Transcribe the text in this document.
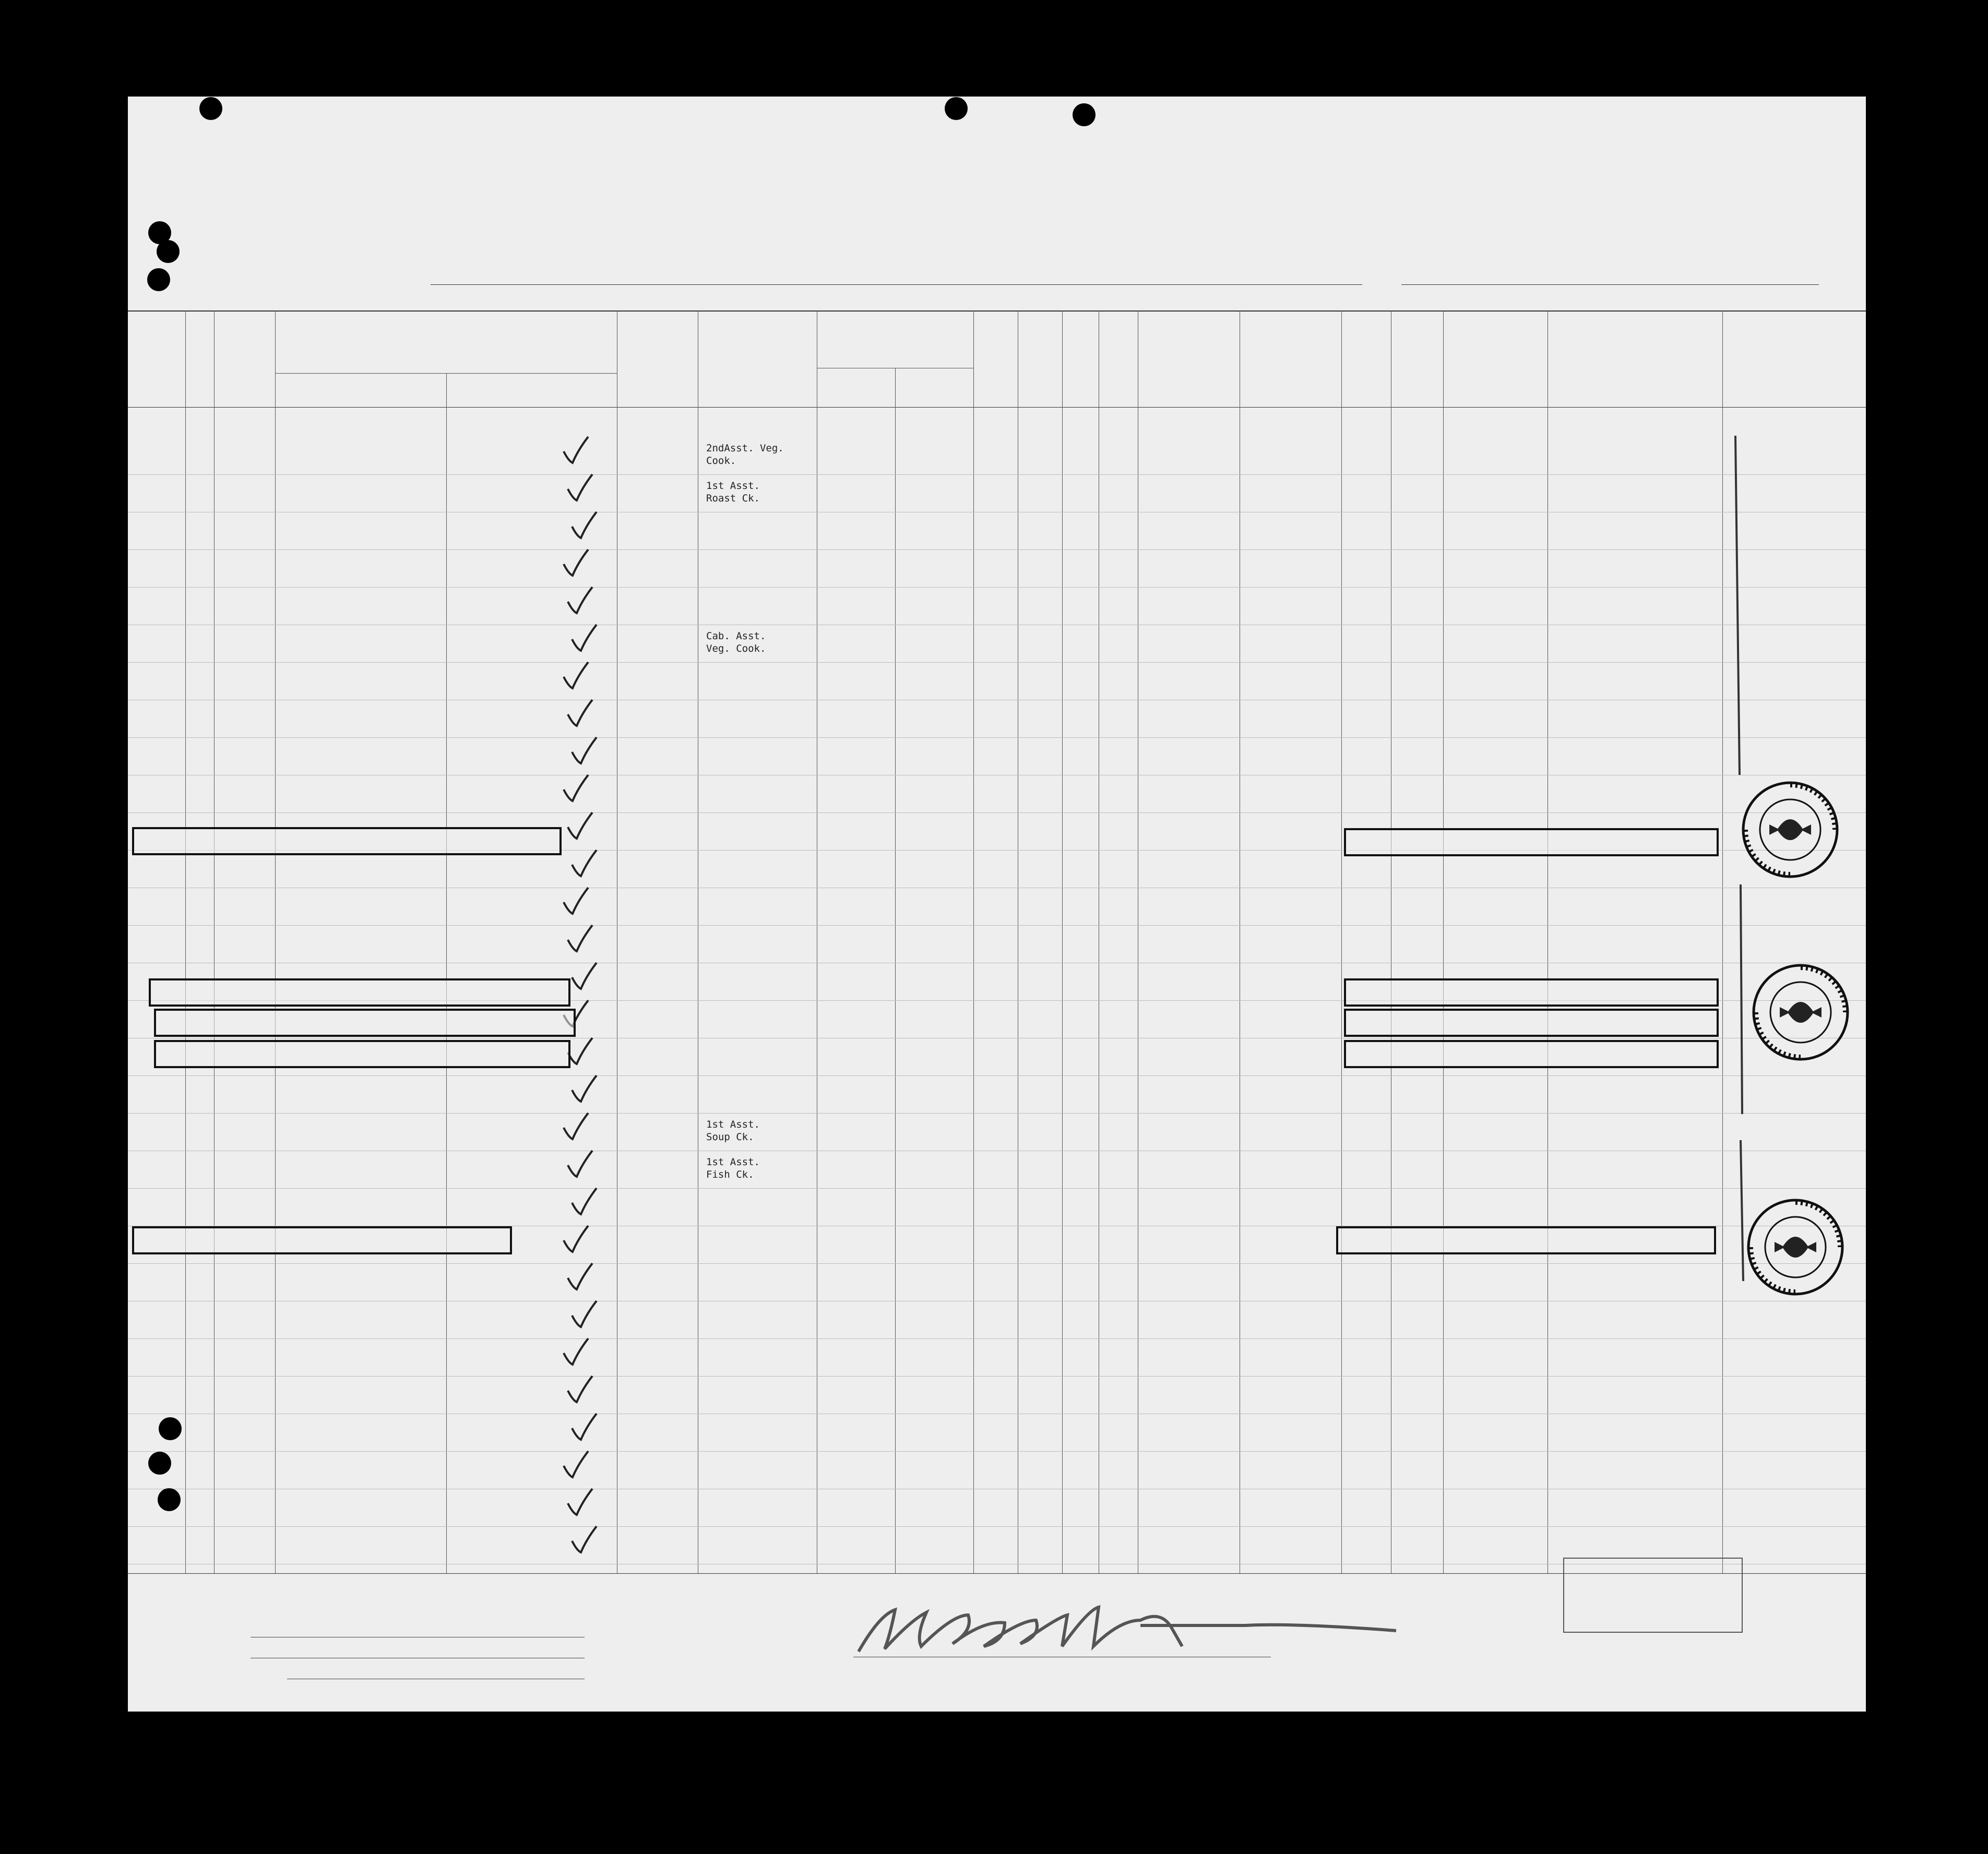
2ndAsst. Veg.
Cook.
1st Asst.
Roast Ck.
Cab. Asst.
Veg. Cook.
1st Asst.
Soup Ck.
1st Asst.
Fish Ck.
